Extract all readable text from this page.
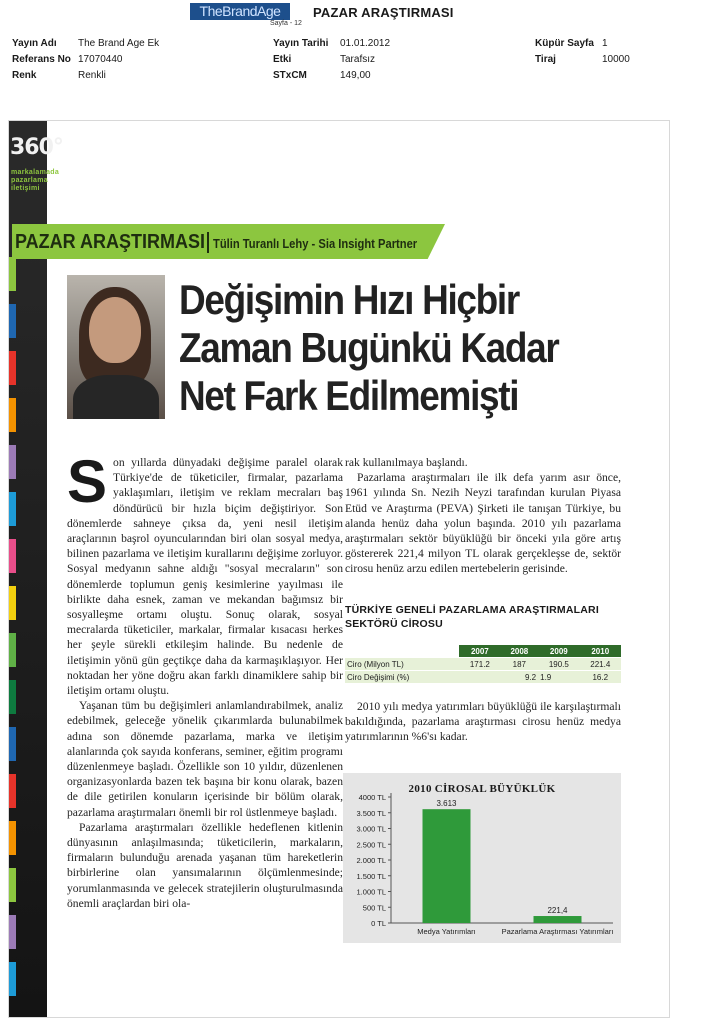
TheBrandAge
Sayfa - 12
PAZAR ARAŞTIRMASI
Yayın Adı The Brand Age Ek
Referans No 17070440
Renk	Renkli
Yayın Tarihi 01.01.2012
Etki	Tarafsız
STxCM	149,00
Küpür Sayfa 1
Tiraj	10000
360°
markalamada
pazarlama
iletişimi
PAZAR ARAŞTIRMASI Tülin Turanlı Lehy - Sia Insight Partner
Değişimin Hızı Hiçbir
Zaman Bugünkü Kadar
Net Fark Edilmemişti

Son yıllarda dünyadaki değişime paralel olarak Türkiye'de de tüketiciler, firmalar, pazarlama yaklaşımları, iletişim ve reklam mecraları baş döndürücü bir hızla biçim değiştiriyor. Son dönemlerde sahneye çıksa da, yeni nesil iletişim araçlarının başrol oyuncularından biri olan sosyal medya, bilinen pazarlama ve iletişim kurallarını değişime zorluyor. Sosyal medyanın sahne aldığı "sosyal mecraların" son dönemlerde toplumun geniş kesimlerine yayılması ile birlikte daha esnek, zaman ve mekandan bağımsız bir sosyalleşme ortamı oluştu. Sonuç olarak, sosyal mecralarda tüketiciler, markalar, firmalar kısacası herkes her şeyle sürekli etkileşim halinde. Bu nedenle de iletişimin yönü gün geçtikçe daha da karmaşıklaşıyor. Her noktadan her yöne doğru akan farklı dinamiklere sahip bir iletişim ortamı oluştu.

Yaşanan tüm bu değişimleri anlamlandırabilmek, analiz edebilmek, geleceğe yönelik çıkarımlarda bulunabilmek adına son dönemde pazarlama, marka ve iletişim alanlarında çok sayıda konferans, seminer, eğitim programı düzenlenmeye başladı. Özellikle son 10 yıldır, düzenlenen organizasyonlarda bazen tek başına bir konu olarak, bazen de dile getirilen konuların içerisinde bir bölüm olarak, pazarlama araştırmaları önemli bir rol üstlenmeye başladı.

Pazarlama araştırmaları özellikle hedeflenen kitlenin dünyasının anlaşılmasında; tüketicilerin, markaların, firmaların bulunduğu arenada yaşanan tüm hareketlerin birbirlerine olan yansımalarının ölçümlenmesinde; yorumlanmasında ve gelecek stratejilerin oluşturulmasında önemli araçlardan biri ola-

rak kullanılmaya başlandı.

Pazarlama araştırmaları ile ilk defa yarım asır önce, 1961 yılında Sn. Nezih Neyzi tarafından kurulan Piyasa Etüd ve Araştırma (PEVA) Şirketi ile tanışan Türkiye, bu alanda henüz daha yolun başında. 2010 yılı pazarlama araştırmaları sektör büyüklüğü bir önceki yıla göre artış göstererek 221,4 milyon TL olarak gerçekleşse de, sektör cirosu henüz arzu edilen mertebelerin gerisinde.

TÜRKİYE GENELİ PAZARLAMA ARAŞTIRMALARI SEKTÖRÜ CİROSU
	2007	2008	2009	2010
Ciro (Milyon TL)	171.2	187	190.5	221.4
Ciro Değişimi (%)	9.2		1.9	16.2

2010 yılı medya yatırımları büyüklüğü ile karşılaştırmalı bakıldığında, pazarlama araştırması cirosu henüz medya yatırımlarının %6'sı kadar.

2010 CİROSAL BÜYÜKLÜK
0 TL
500 TL
1.000 TL
1.500 TL
2.000 TL
2.500 TL
3.000 TL
3.500 TL
4000 TL
3.613
Medya Yatırımları
221,4
Pazarlama Araştırması Yatırımları
